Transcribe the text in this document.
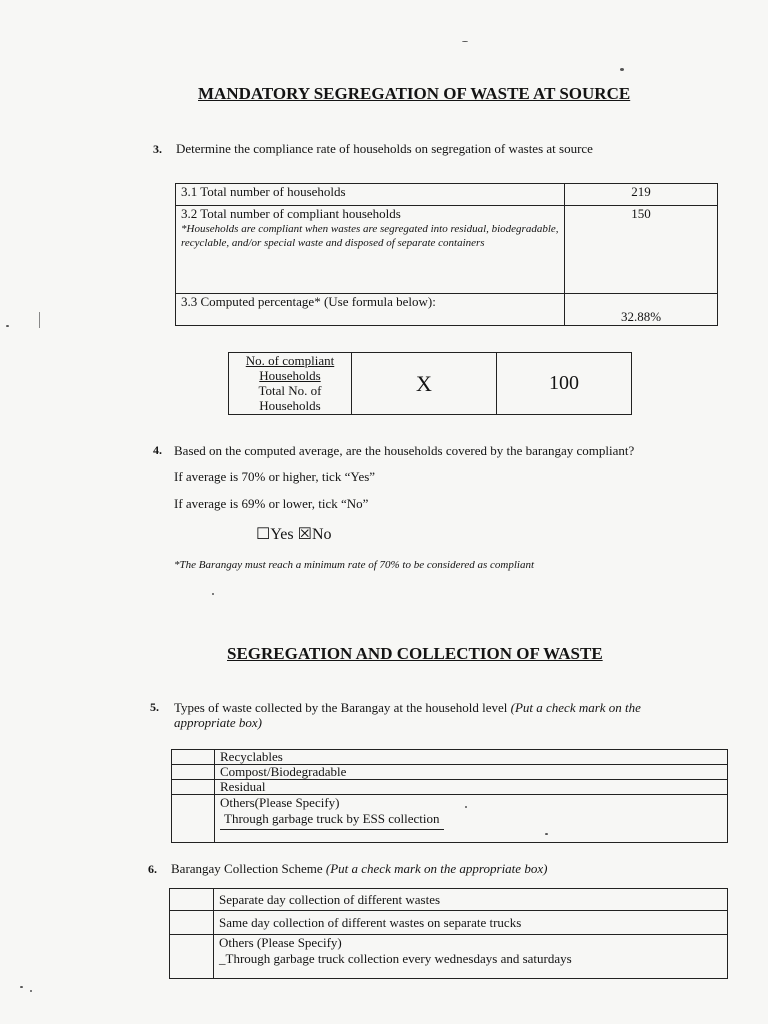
MANDATORY SEGREGATION OF WASTE AT SOURCE
3. Determine the compliance rate of households on segregation of wastes at source
3.1 Total number of households	219

3.2 Total number of compliant households
*Households are compliant when wastes are segregated into residual, biodegradable, recyclable, and/or special waste and disposed of separate containers	150
3.3 Computed percentage* (Use formula below):	32.88%
No. of compliant
Households
Total No. of
Households
	X	100
4. Based on the computed average, are the households covered by the barangay compliant?
If average is 70% or higher, tick “Yes”
If average is 69% or lower, tick “No”
☐Yes ☒No
*The Barangay must reach a minimum rate of 70% to be considered as compliant
SEGREGATION AND COLLECTION OF WASTE
5. Types of waste collected by the Barangay at the household level (Put a check mark on the
appropriate box)
	Recyclables
	Compost/Biodegradable
	Residual

	Others(Please Specify)
Through garbage truck by ESS collection
6. Barangay Collection Scheme (Put a check mark on the appropriate box)
	Separate day collection of different wastes
	Same day collection of different wastes on separate trucks

	Others (Please Specify)
_Through garbage truck collection every wednesdays and saturdays
